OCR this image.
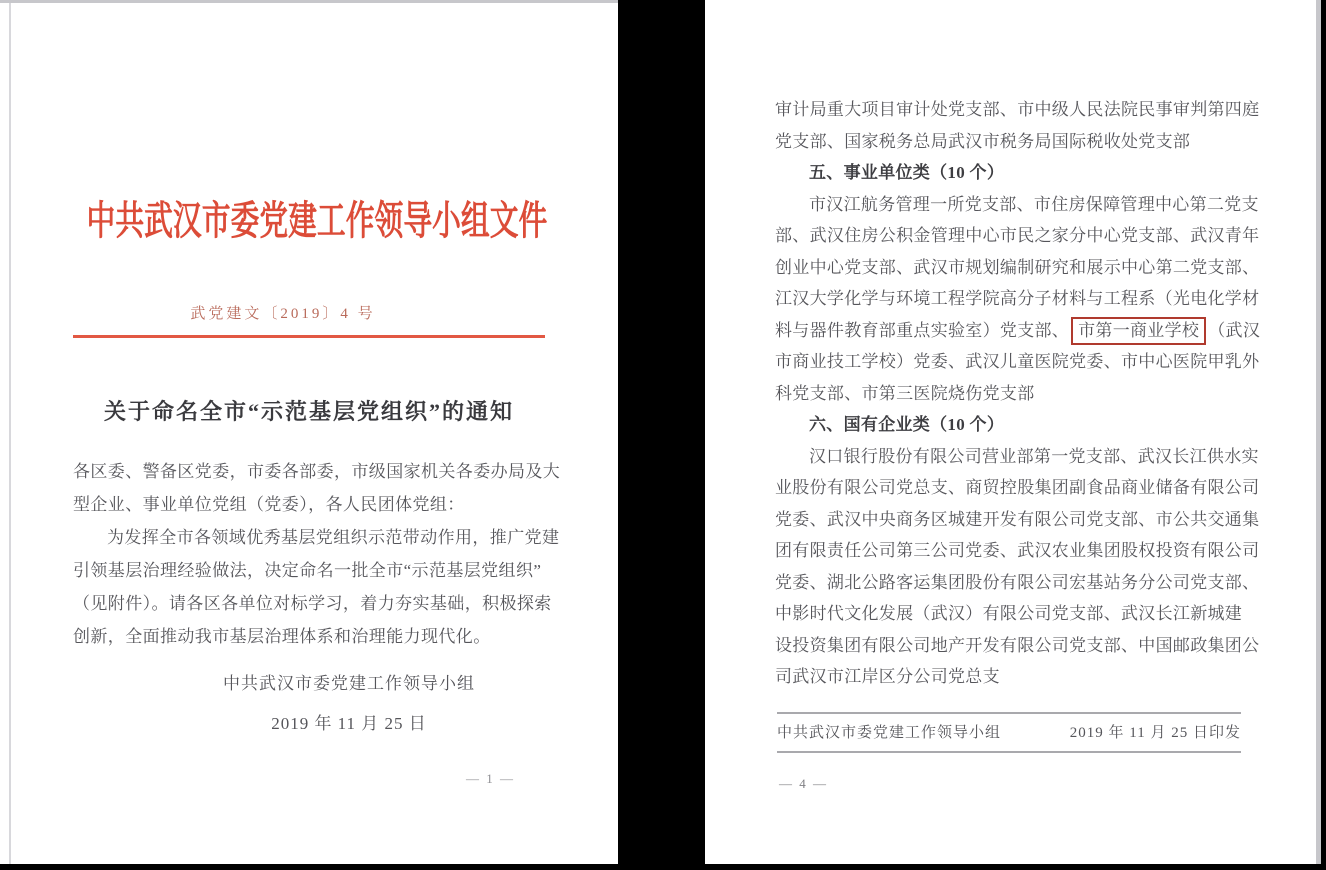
中共武汉市委党建工作领导小组文件
武党建文〔2019〕4 号
关于命名全市“示范基层党组织”的通知
各区委、警备区党委，市委各部委，市级国家机关各委办局及大
型企业、事业单位党组（党委），各人民团体党组：
为发挥全市各领域优秀基层党组织示范带动作用，推广党建
引领基层治理经验做法，决定命名一批全市“示范基层党组织”
（见附件）。请各区各单位对标学习，着力夯实基础，积极探索
创新，全面推动我市基层治理体系和治理能力现代化。
中共武汉市委党建工作领导小组
2019 年 11 月 25 日
— 1 —
审计局重大项目审计处党支部、市中级人民法院民事审判第四庭
党支部、国家税务总局武汉市税务局国际税收处党支部
五、事业单位类（10 个）
市汉江航务管理一所党支部、市住房保障管理中心第二党支
部、武汉住房公积金管理中心市民之家分中心党支部、武汉青年
创业中心党支部、武汉市规划编制研究和展示中心第二党支部、
江汉大学化学与环境工程学院高分子材料与工程系（光电化学材
料与器件教育部重点实验室）党支部、 市第一商业学校 （武汉
市商业技工学校）党委、武汉儿童医院党委、市中心医院甲乳外
科党支部、市第三医院烧伤党支部
六、国有企业类（10 个）
汉口银行股份有限公司营业部第一党支部、武汉长江供水实
业股份有限公司党总支、商贸控股集团副食品商业储备有限公司
党委、武汉中央商务区城建开发有限公司党支部、市公共交通集
团有限责任公司第三公司党委、武汉农业集团股权投资有限公司
党委、湖北公路客运集团股份有限公司宏基站务分公司党支部、
中影时代文化发展（武汉）有限公司党支部、武汉长江新城建
设投资集团有限公司地产开发有限公司党支部、中国邮政集团公
司武汉市江岸区分公司党总支
中共武汉市委党建工作领导小组	2019 年 11 月 25 日印发
— 4 —
